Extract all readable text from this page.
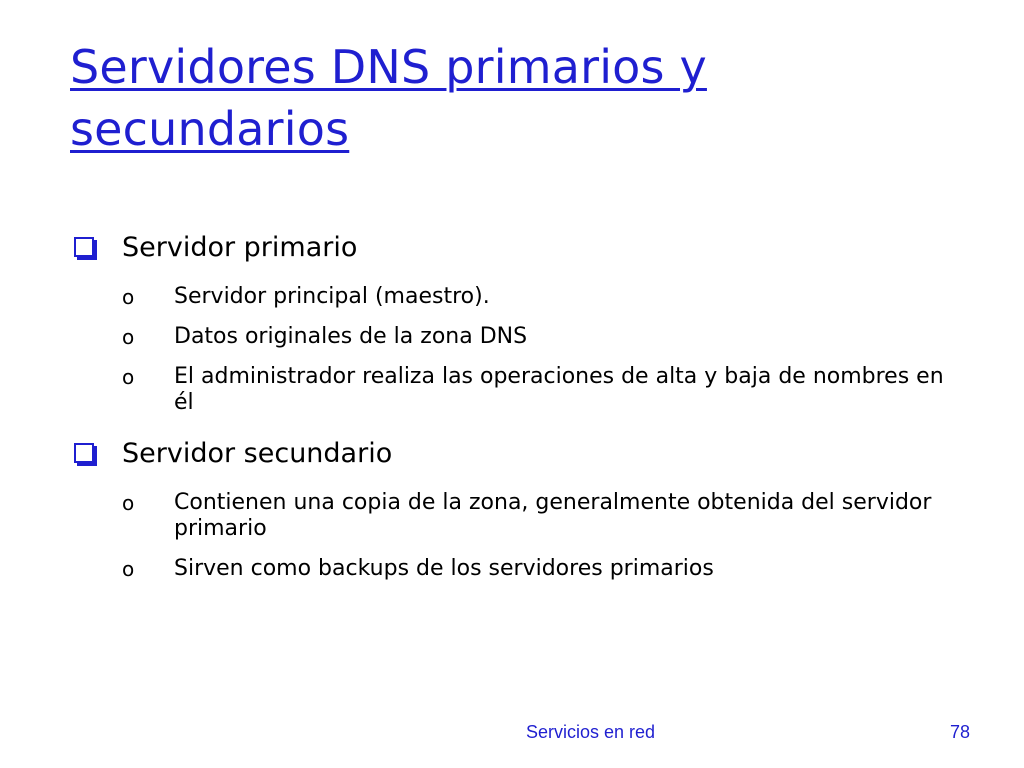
Servidores DNS primarios y secundarios
Servidor primario
o Servidor principal (maestro).
o Datos originales de la zona DNS
o El administrador realiza las operaciones de alta y baja de nombres en él
Servidor secundario
o Contienen una copia de la zona, generalmente obtenida del servidor primario
o Sirven como backups de los servidores primarios
Servicios en red	78
